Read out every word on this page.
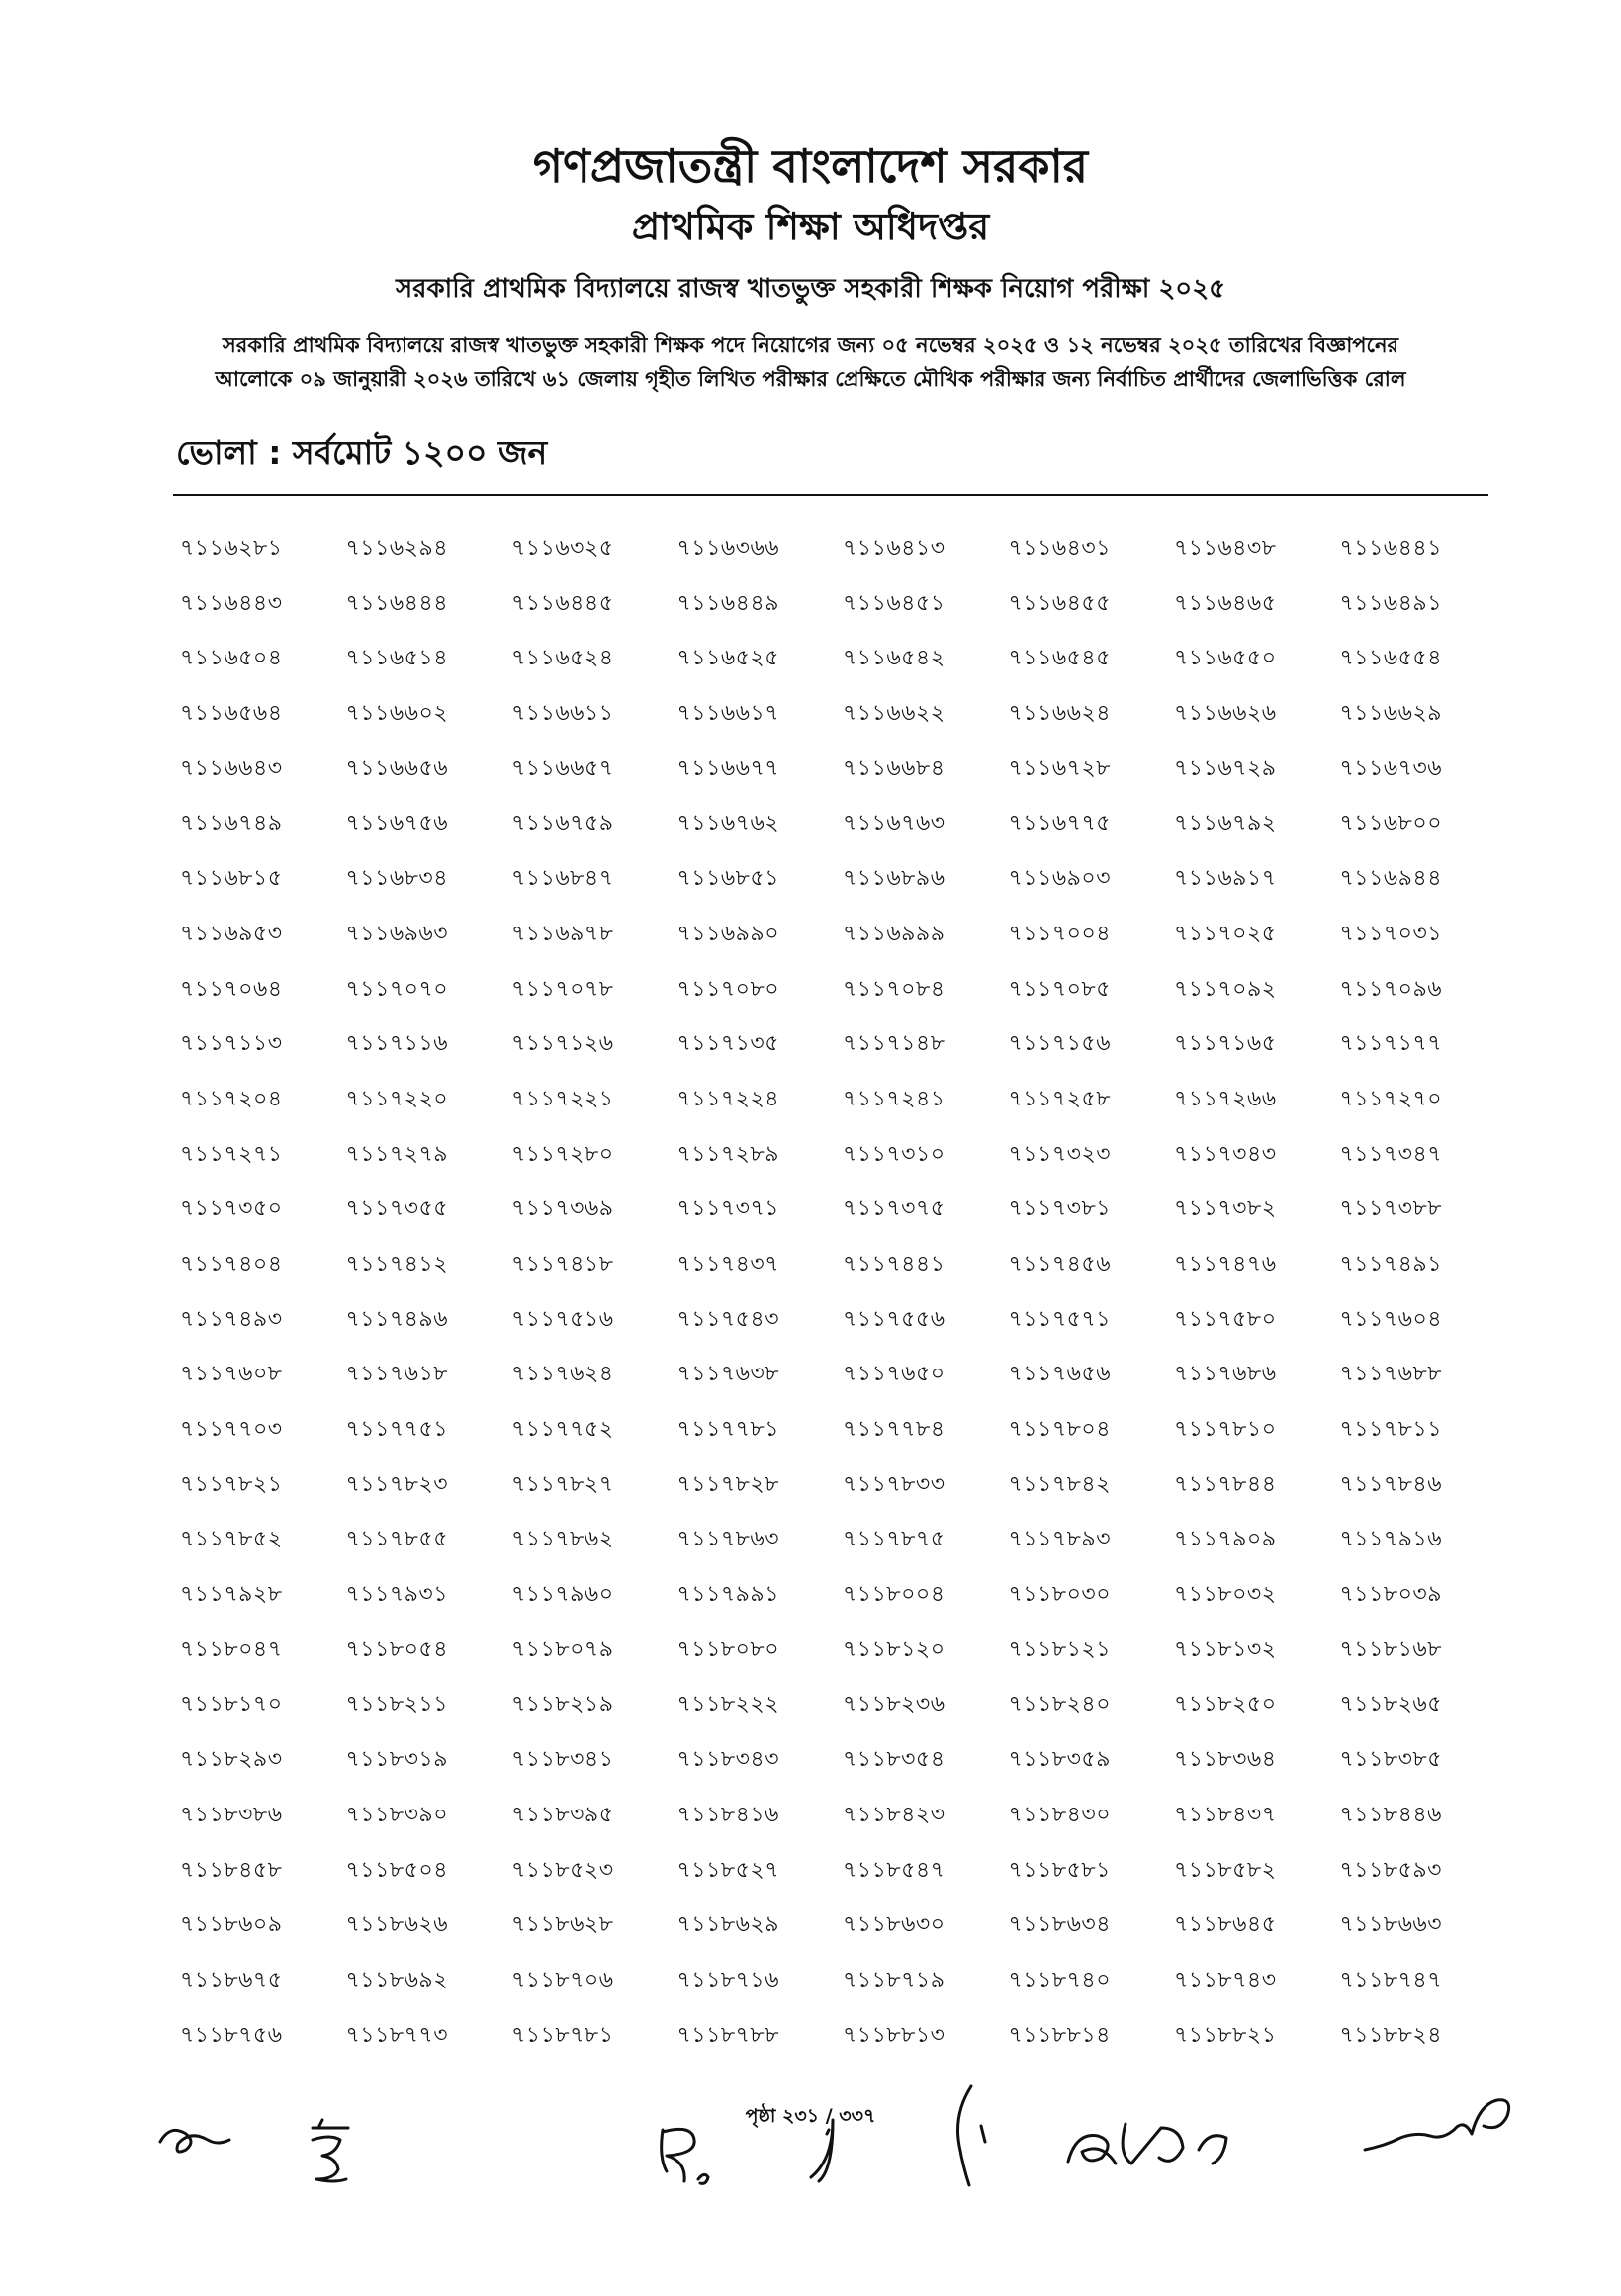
গণপ্রজাতন্ত্রী বাংলাদেশ সরকার

প্রাথমিক শিক্ষা অধিদপ্তর

সরকারি প্রাথমিক বিদ্যালয়ে রাজস্ব খাতভুক্ত সহকারী শিক্ষক নিয়োগ পরীক্ষা ২০২৫

সরকারি প্রাথমিক বিদ্যালয়ে রাজস্ব খাতভুক্ত সহকারী শিক্ষক পদে নিয়োগের জন্য ০৫ নভেম্বর ২০২৫ ও ১২ নভেম্বর ২০২৫ তারিখের বিজ্ঞাপনের
আলোকে ০৯ জানুয়ারী ২০২৬ তারিখে ৬১ জেলায় গৃহীত লিখিত পরীক্ষার প্রেক্ষিতে মৌখিক পরীক্ষার জন্য নির্বাচিত প্রার্থীদের জেলাভিত্তিক রোল
ভোলা : সর্বমোট ১২০০ জন
৭১১৬২৮১	৭১১৬২৯৪	৭১১৬৩২৫	৭১১৬৩৬৬	৭১১৬৪১৩	৭১১৬৪৩১	৭১১৬৪৩৮	৭১১৬৪৪১
৭১১৬৪৪৩	৭১১৬৪৪৪	৭১১৬৪৪৫	৭১১৬৪৪৯	৭১১৬৪৫১	৭১১৬৪৫৫	৭১১৬৪৬৫	৭১১৬৪৯১
৭১১৬৫০৪	৭১১৬৫১৪	৭১১৬৫২৪	৭১১৬৫২৫	৭১১৬৫৪২	৭১১৬৫৪৫	৭১১৬৫৫০	৭১১৬৫৫৪
৭১১৬৫৬৪	৭১১৬৬০২	৭১১৬৬১১	৭১১৬৬১৭	৭১১৬৬২২	৭১১৬৬২৪	৭১১৬৬২৬	৭১১৬৬২৯
৭১১৬৬৪৩	৭১১৬৬৫৬	৭১১৬৬৫৭	৭১১৬৬৭৭	৭১১৬৬৮৪	৭১১৬৭২৮	৭১১৬৭২৯	৭১১৬৭৩৬
৭১১৬৭৪৯	৭১১৬৭৫৬	৭১১৬৭৫৯	৭১১৬৭৬২	৭১১৬৭৬৩	৭১১৬৭৭৫	৭১১৬৭৯২	৭১১৬৮০০
৭১১৬৮১৫	৭১১৬৮৩৪	৭১১৬৮৪৭	৭১১৬৮৫১	৭১১৬৮৯৬	৭১১৬৯০৩	৭১১৬৯১৭	৭১১৬৯৪৪
৭১১৬৯৫৩	৭১১৬৯৬৩	৭১১৬৯৭৮	৭১১৬৯৯০	৭১১৬৯৯৯	৭১১৭০০৪	৭১১৭০২৫	৭১১৭০৩১
৭১১৭০৬৪	৭১১৭০৭০	৭১১৭০৭৮	৭১১৭০৮০	৭১১৭০৮৪	৭১১৭০৮৫	৭১১৭০৯২	৭১১৭০৯৬
৭১১৭১১৩	৭১১৭১১৬	৭১১৭১২৬	৭১১৭১৩৫	৭১১৭১৪৮	৭১১৭১৫৬	৭১১৭১৬৫	৭১১৭১৭৭
৭১১৭২০৪	৭১১৭২২০	৭১১৭২২১	৭১১৭২২৪	৭১১৭২৪১	৭১১৭২৫৮	৭১১৭২৬৬	৭১১৭২৭০
৭১১৭২৭১	৭১১৭২৭৯	৭১১৭২৮০	৭১১৭২৮৯	৭১১৭৩১০	৭১১৭৩২৩	৭১১৭৩৪৩	৭১১৭৩৪৭
৭১১৭৩৫০	৭১১৭৩৫৫	৭১১৭৩৬৯	৭১১৭৩৭১	৭১১৭৩৭৫	৭১১৭৩৮১	৭১১৭৩৮২	৭১১৭৩৮৮
৭১১৭৪০৪	৭১১৭৪১২	৭১১৭৪১৮	৭১১৭৪৩৭	৭১১৭৪৪১	৭১১৭৪৫৬	৭১১৭৪৭৬	৭১১৭৪৯১
৭১১৭৪৯৩	৭১১৭৪৯৬	৭১১৭৫১৬	৭১১৭৫৪৩	৭১১৭৫৫৬	৭১১৭৫৭১	৭১১৭৫৮০	৭১১৭৬০৪
৭১১৭৬০৮	৭১১৭৬১৮	৭১১৭৬২৪	৭১১৭৬৩৮	৭১১৭৬৫০	৭১১৭৬৫৬	৭১১৭৬৮৬	৭১১৭৬৮৮
৭১১৭৭০৩	৭১১৭৭৫১	৭১১৭৭৫২	৭১১৭৭৮১	৭১১৭৭৮৪	৭১১৭৮০৪	৭১১৭৮১০	৭১১৭৮১১
৭১১৭৮২১	৭১১৭৮২৩	৭১১৭৮২৭	৭১১৭৮২৮	৭১১৭৮৩৩	৭১১৭৮৪২	৭১১৭৮৪৪	৭১১৭৮৪৬
৭১১৭৮৫২	৭১১৭৮৫৫	৭১১৭৮৬২	৭১১৭৮৬৩	৭১১৭৮৭৫	৭১১৭৮৯৩	৭১১৭৯০৯	৭১১৭৯১৬
৭১১৭৯২৮	৭১১৭৯৩১	৭১১৭৯৬০	৭১১৭৯৯১	৭১১৮০০৪	৭১১৮০৩০	৭১১৮০৩২	৭১১৮০৩৯
৭১১৮০৪৭	৭১১৮০৫৪	৭১১৮০৭৯	৭১১৮০৮০	৭১১৮১২০	৭১১৮১২১	৭১১৮১৩২	৭১১৮১৬৮
৭১১৮১৭০	৭১১৮২১১	৭১১৮২১৯	৭১১৮২২২	৭১১৮২৩৬	৭১১৮২৪০	৭১১৮২৫০	৭১১৮২৬৫
৭১১৮২৯৩	৭১১৮৩১৯	৭১১৮৩৪১	৭১১৮৩৪৩	৭১১৮৩৫৪	৭১১৮৩৫৯	৭১১৮৩৬৪	৭১১৮৩৮৫
৭১১৮৩৮৬	৭১১৮৩৯০	৭১১৮৩৯৫	৭১১৮৪১৬	৭১১৮৪২৩	৭১১৮৪৩০	৭১১৮৪৩৭	৭১১৮৪৪৬
৭১১৮৪৫৮	৭১১৮৫০৪	৭১১৮৫২৩	৭১১৮৫২৭	৭১১৮৫৪৭	৭১১৮৫৮১	৭১১৮৫৮২	৭১১৮৫৯৩
৭১১৮৬০৯	৭১১৮৬২৬	৭১১৮৬২৮	৭১১৮৬২৯	৭১১৮৬৩০	৭১১৮৬৩৪	৭১১৮৬৪৫	৭১১৮৬৬৩
৭১১৮৬৭৫	৭১১৮৬৯২	৭১১৮৭০৬	৭১১৮৭১৬	৭১১৮৭১৯	৭১১৮৭৪০	৭১১৮৭৪৩	৭১১৮৭৪৭
৭১১৮৭৫৬	৭১১৮৭৭৩	৭১১৮৭৮১	৭১১৮৭৮৮	৭১১৮৮১৩	৭১১৮৮১৪	৭১১৮৮২১	৭১১৮৮২৪
পৃষ্ঠা ২৩১ / ৩৩৭
